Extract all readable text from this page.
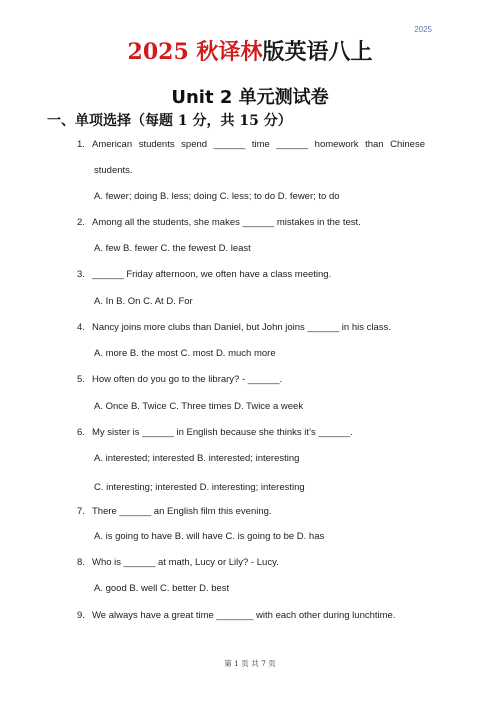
2025
2025 秋译林版英语八上
Unit 2 单元测试卷
一、单项选择（每题 1 分，共 15 分）
1. American students spend ______ time ______ homework than Chinese
students.
A. fewer; doing B. less; doing C. less; to do D. fewer; to do
2. Among all the students, she makes ______ mistakes in the test.
A. few B. fewer C. the fewest D. least
3. ______ Friday afternoon, we often have a class meeting.
A. In B. On C. At D. For
4. Nancy joins more clubs than Daniel, but John joins ______ in his class.
A. more B. the most C. most D. much more
5. How often do you go to the library? - ______.
A. Once B. Twice C. Three times D. Twice a week
6. My sister is ______ in English because she thinks it’s ______.
A. interested; interested B. interested; interesting
C. interesting; interested D. interesting; interesting
7. There ______ an English film this evening.
A. is going to have B. will have C. is going to be D. has
8. Who is ______ at math, Lucy or Lily? - Lucy.
A. good B. well C. better D. best
9. We always have a great time _______ with each other during lunchtime.
第 1 页 共 7 页
